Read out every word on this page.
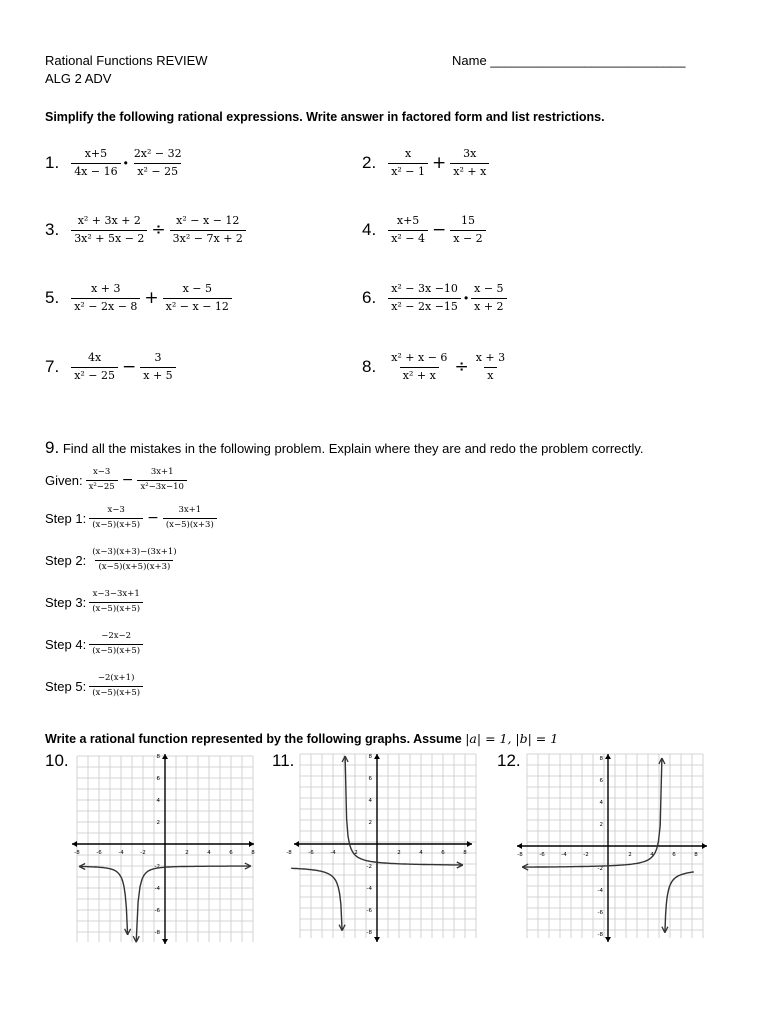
Rational Functions REVIEW
ALG 2 ADV
Name ___________________________
Simplify the following rational expressions. Write answer in factored form and list restrictions.
1. $\frac{x+5}{4x - 16}$ • $\frac{\text{2x² − 32}}{\text{x² − 25}}$	2. $\frac{x}{\text{x² − 1}} + \frac{3x}{\text{x² + x}}$
3. $\frac{\text{x² + 3x + 2}}{\text{3x² + 5x − 2}} \div \frac{\text{x² − x − 12}}{\text{3x² − 7x + 2}}$	4. $\frac{x+5}{\text{x² − 4}} - \frac{15}{x - 2}$
5. $\frac{x + 3}{\text{x² − 2x − 8}} + \frac{x - 5}{\text{x² − x − 12}}$	6. $\frac{\text{x² − 3x −10}}{\text{x² − 2x −15}}$ • $\frac{x - 5}{x + 2}$
7. $\frac{4x}{\text{x² − 25}} - \frac{3}{x + 5}$	8. $\frac{\text{x² + x − 6}}{\text{x² + x}} \div \frac{x + 3}{x}$
9. Find all the mistakes in the following problem. Explain where they are and redo the problem correctly.
Given: $\frac{x-3}{\text{x²−25}} - \frac{3x+1}{\text{x²−3x−10}}$
Step 1: $\frac{x-3}{(x-5)(x+5)} - \frac{3x+1}{(x-5)(x+3)}$
Step 2: $\frac{(x-3)(x+3)-(3x+1)}{(x-5)(x+5)(x+3)}$
Step 3: $\frac{x-3-3x+1}{(x-5)(x+5)}$
Step 4: $\frac{-2x-2}{(x-5)(x+5)}$
Step 5: $\frac{-2(x+1)}{(x-5)(x+5)}$
Write a rational function represented by the following graphs. Assume |a| = 1, |b| = 1
10.	11.	12.
-8
-8
-6
-6
-4
-4
-2
-2
2
2
4
4
6
6
8
8
-8
-8
-6
-6
-4
-4
-2
-2
2
2
4
4
6
6
8
8
-8
-8
-6
-6
-4
-4
-2
-2
2
2
4
4
6
6
8
8
